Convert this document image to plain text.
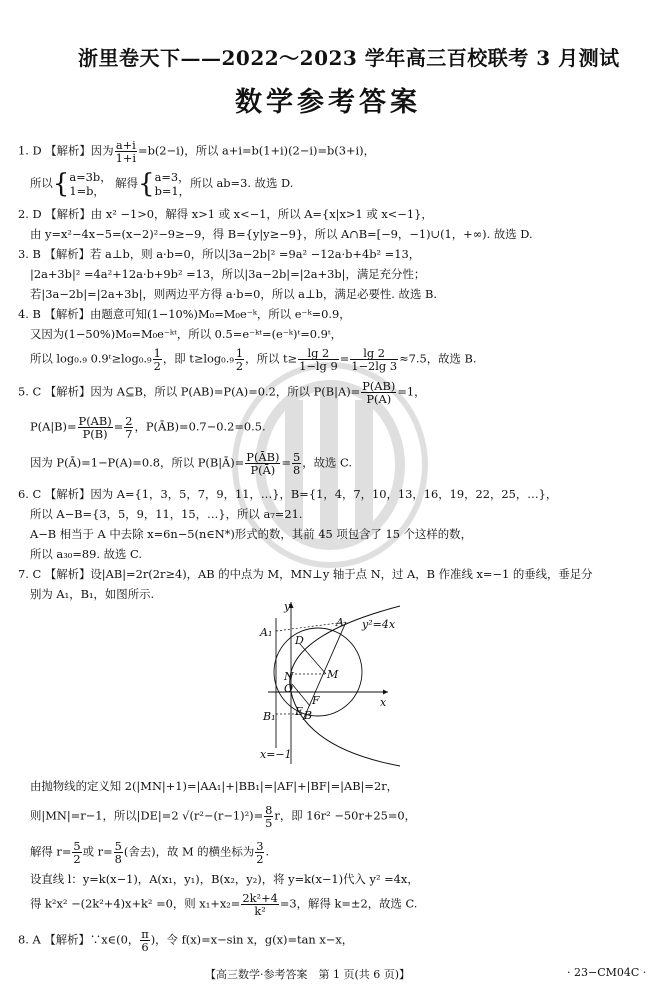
浙里卷天下——2022～2023 学年高三百校联考 3 月测试
数学参考答案
1. D 【解析】因为 $\frac{a+i}{1+i} =b(2-i)$，所以 a+i=b(1+i)(2−i)=b(3+i)，
所以{a=3b，
1=b， 解得{a=3，
b=1，所以 ab=3. 故选 D.
2. D 【解析】由 x² −1>0，解得 x>1 或 x<−1，所以 A={x|x>1 或 x<−1}，
由 y=x²−4x−5=(x−2)²−9≥−9，得 B={y|y≥−9}，所以 A∩B=[−9，−1)∪(1，+∞). 故选 D.
3. B 【解析】若 a⊥b，则 a·b=0，所以|3a−2b|² =9a² −12a·b+4b² =13，
|2a+3b|² =4a²+12a·b+9b² =13，所以|3a−2b|=|2a+3b|，满足充分性；
若|3a−2b|=|2a+3b|，则两边平方得 a·b=0，所以 a⊥b，满足必要性. 故选 B.
4. B 【解析】由题意可知(1−10%)M₀=M₀e⁻ᵏ，所以 e⁻ᵏ=0.9，
又因为(1−50%)M₀=M₀e⁻ᵏᵗ，所以 0.5=e⁻ᵏᵗ=(e⁻ᵏ)ᵗ=0.9ᵗ，
所以 log₀.₉ 0.9ᵗ≥log₀.₉ $\frac{1}{2}$ ，即 $t\ge\log_0._9 \frac{1}{2}$ ，所以 $t\ge \frac{\lg 2}{1-\lg 9} = \frac{\lg 2}{1-2\lg 3} \approx 7.5$，故选 B.
5. C 【解析】因为 A⊆B，所以 P(AB)=P(A)=0.2，所以 $P(B|A)= \frac{P(AB)}{P(A)} =1$，
$P(A|B)= \frac{P(AB)}{P(B)} = \frac{2}{7}$ ，P(ĀB)=0.7−0.2=0.5.
因为 P(Ā)=1−P(A)=0.8，所以 P(B|Ā)= $\frac{P(ĀB)}{P(Ā)} = \frac{5}{8}$ ，故选 C.
6. C 【解析】因为 A={1，3，5，7，9，11，…}，B={1，4，7，10，13，16，19，22，25，…}，
所以 A−B={3，5，9，11，15，…}，所以 a₇=21.
A−B 相当于 A 中去除 x=6n−5(n∈N*)形式的数，其前 45 项包含了 15 个这样的数，
所以 a₃₀=89. 故选 C.
7. C 【解析】设|AB|=2r(2r≥4)，AB 的中点为 M，MN⊥y 轴于点 N，过 A，B 作准线 x=−1 的垂线，垂足分
别为 A₁，B₁，如图所示.
y
x
A₁
A y²=4x
D
N	M
O
F
E
B₁	B
x=−1
由抛物线的定义知 2(|MN|+1)=|AA₁|+|BB₁|=|AF|+|BF|=|AB|=2r，
则|MN|=r−1，所以|DE|=2 $√(r^2-(r-1)^2)= \frac{8}{5}$ r，即 16r² −50r+25=0，
解得 $r= \frac{5}{2}$ 或 $r= \frac{5}{8}$ (舍去)，故 M 的横坐标为 $\frac{3}{2}$ .
设直线 l：y=k(x−1)，A(x₁，y₁)，B(x₂，y₂)，将 y=k(x−1)代入 y² =4x，
得 k²x² −(2k²+4)x+k² =0，则 $x_1+x_2= \frac{\text{2k²+4}}{\text{k²}} =3$，解得 k=±2，故选 C.
8. A 【解析】∵x∈(0， $\frac{\pi}{6}$ )，令 f(x)=x−sin x，g(x)=tan x−x，
【高三数学·参考答案　第 1 页(共 6 页)】	· 23−CM04C ·
